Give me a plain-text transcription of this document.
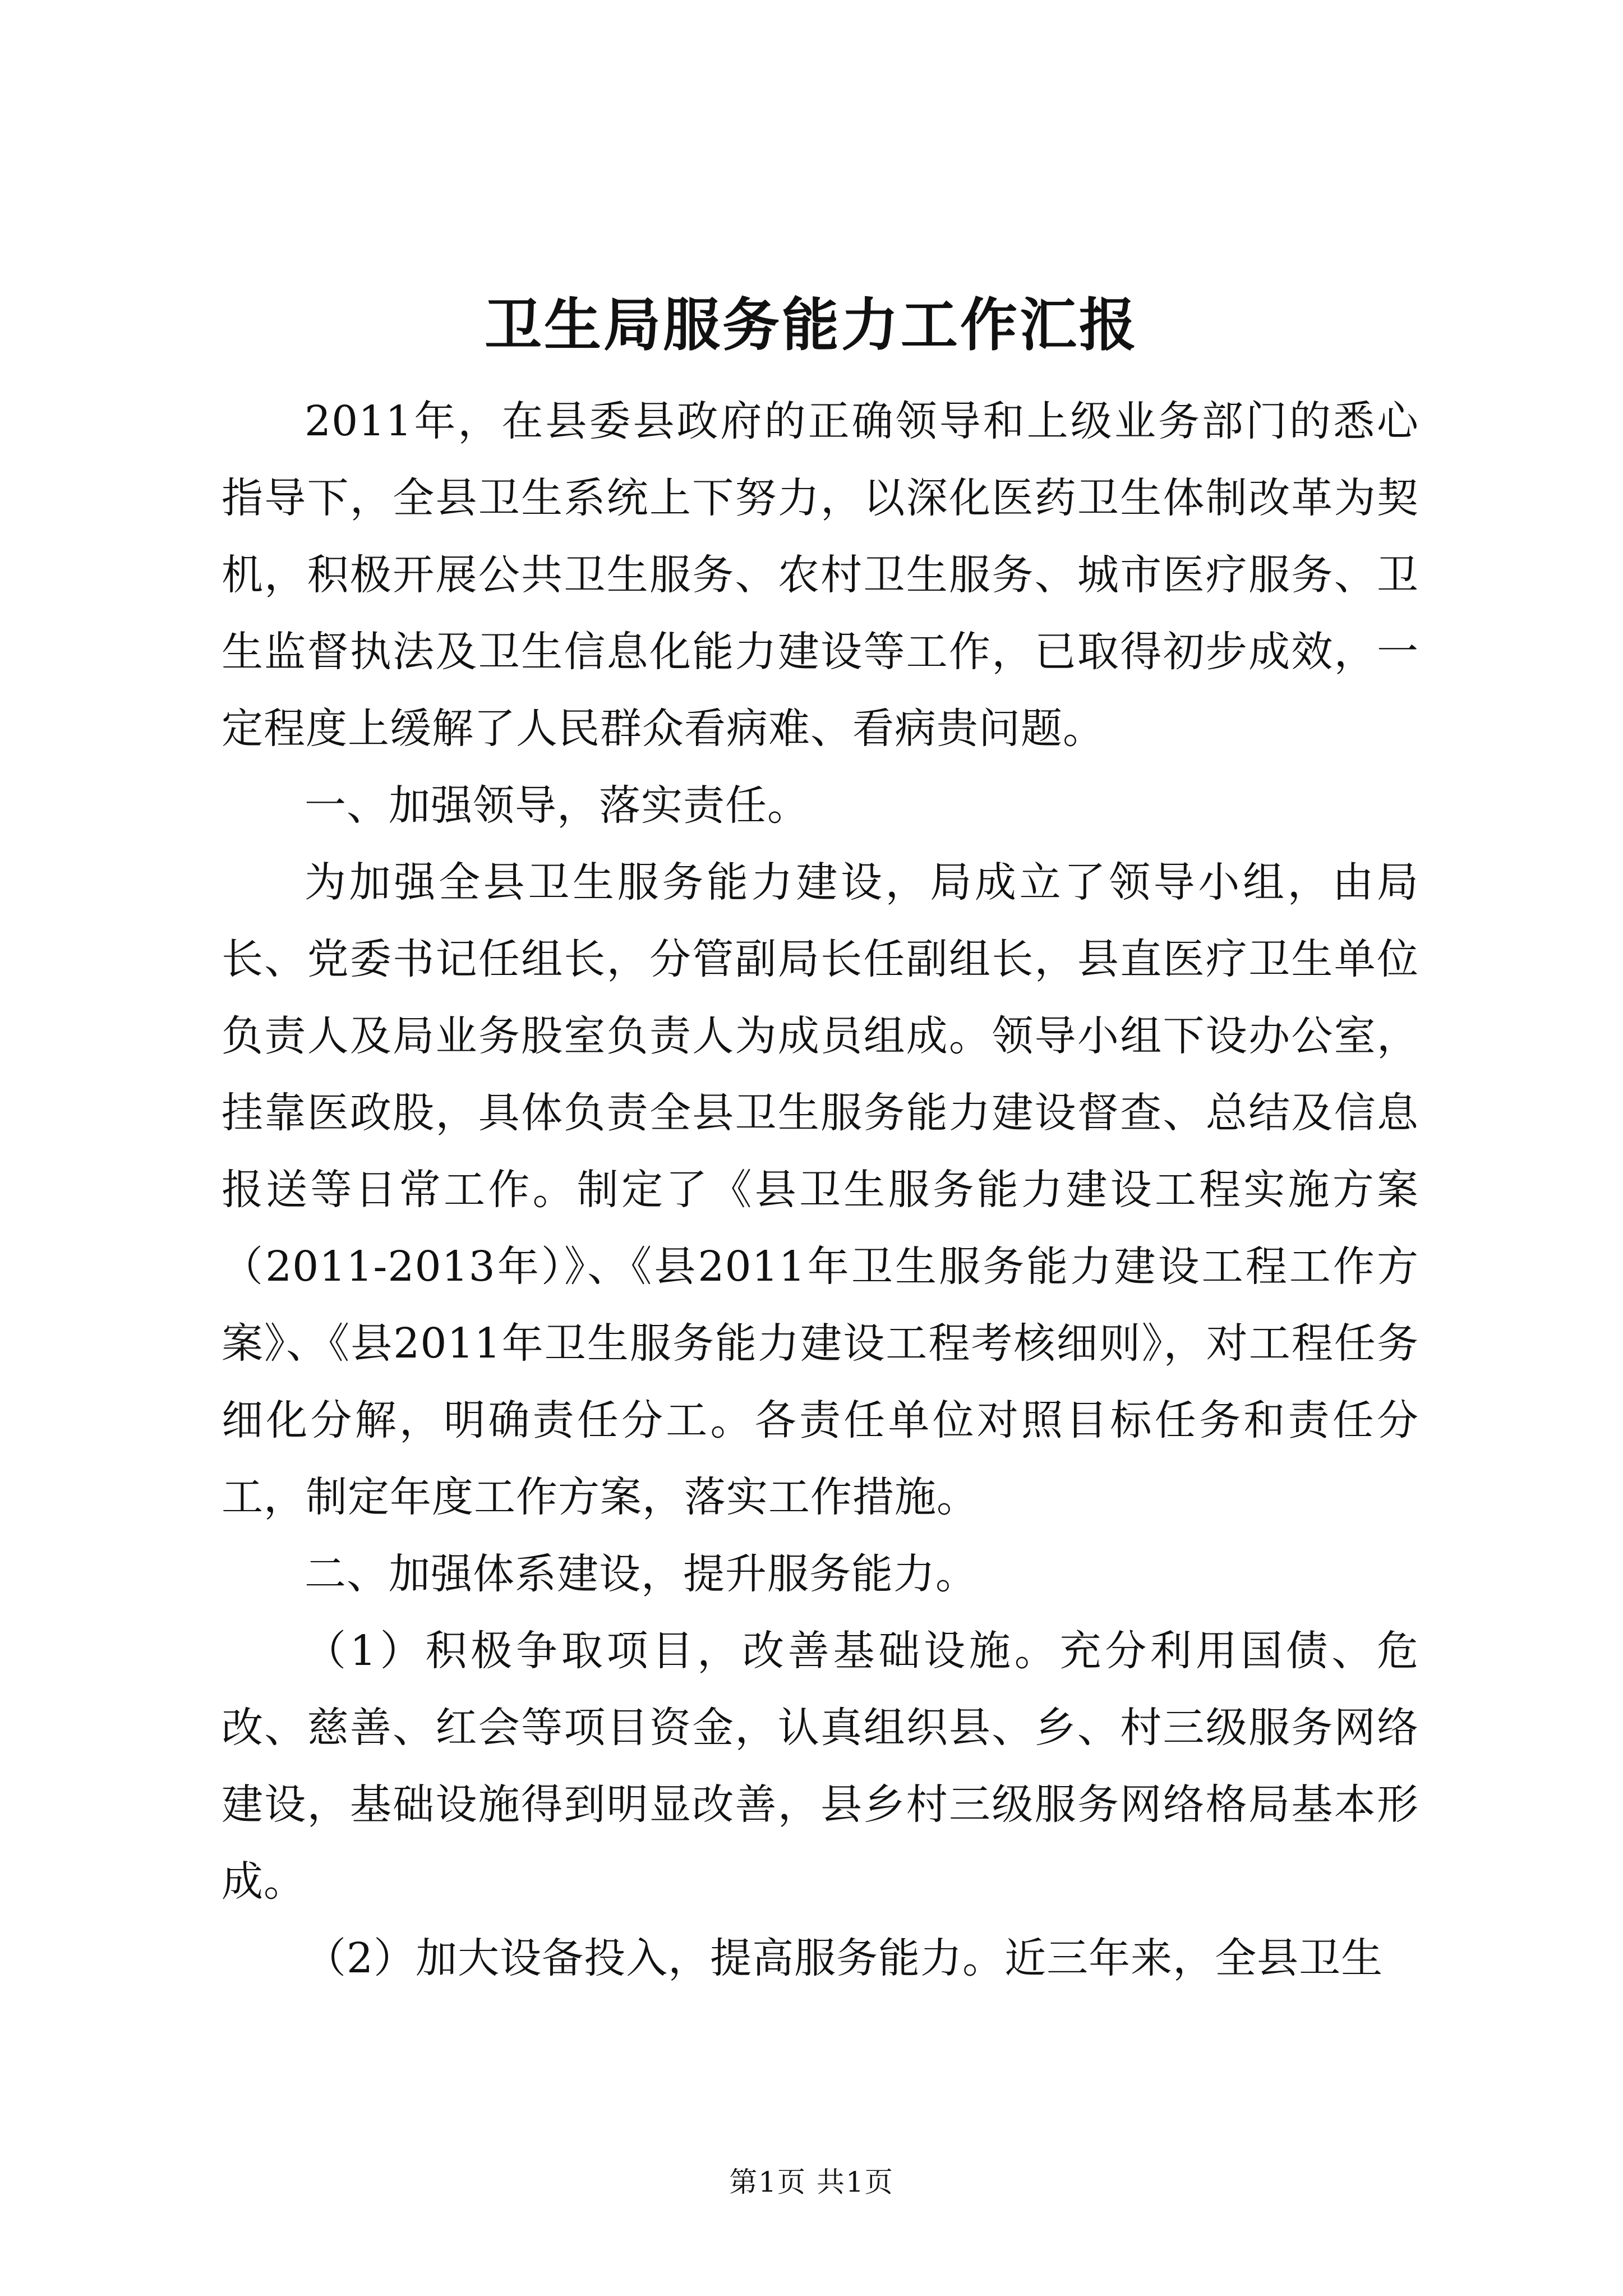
卫生局服务能力工作汇报

2011年，在县委县政府的正确领导和上级业务部门的悉心指导下，全县卫生系统上下努力，以深化医药卫生体制改革为契机，积极开展公共卫生服务、农村卫生服务、城市医疗服务、卫生监督执法及卫生信息化能力建设等工作，已取得初步成效，一定程度上缓解了人民群众看病难、看病贵问题。

一、加强领导，落实责任。

为加强全县卫生服务能力建设，局成立了领导小组，由局长、党委书记任组长，分管副局长任副组长，县直医疗卫生单位负责人及局业务股室负责人为成员组成。领导小组下设办公室，挂靠医政股，具体负责全县卫生服务能力建设督查、总结及信息报送等日常工作。制定了《县卫生服务能力建设工程实施方案（2011-2013年）》、《县2011年卫生服务能力建设工程工作方案》、《县2011年卫生服务能力建设工程考核细则》，对工程任务细化分解，明确责任分工。各责任单位对照目标任务和责任分工，制定年度工作方案，落实工作措施。

二、加强体系建设，提升服务能力。

（1）积极争取项目，改善基础设施。充分利用国债、危改、慈善、红会等项目资金，认真组织县、乡、村三级服务网络建设，基础设施得到明显改善，县乡村三级服务网络格局基本形成。

（2）加大设备投入，提高服务能力。近三年来，全县卫生

第1页 共1页
